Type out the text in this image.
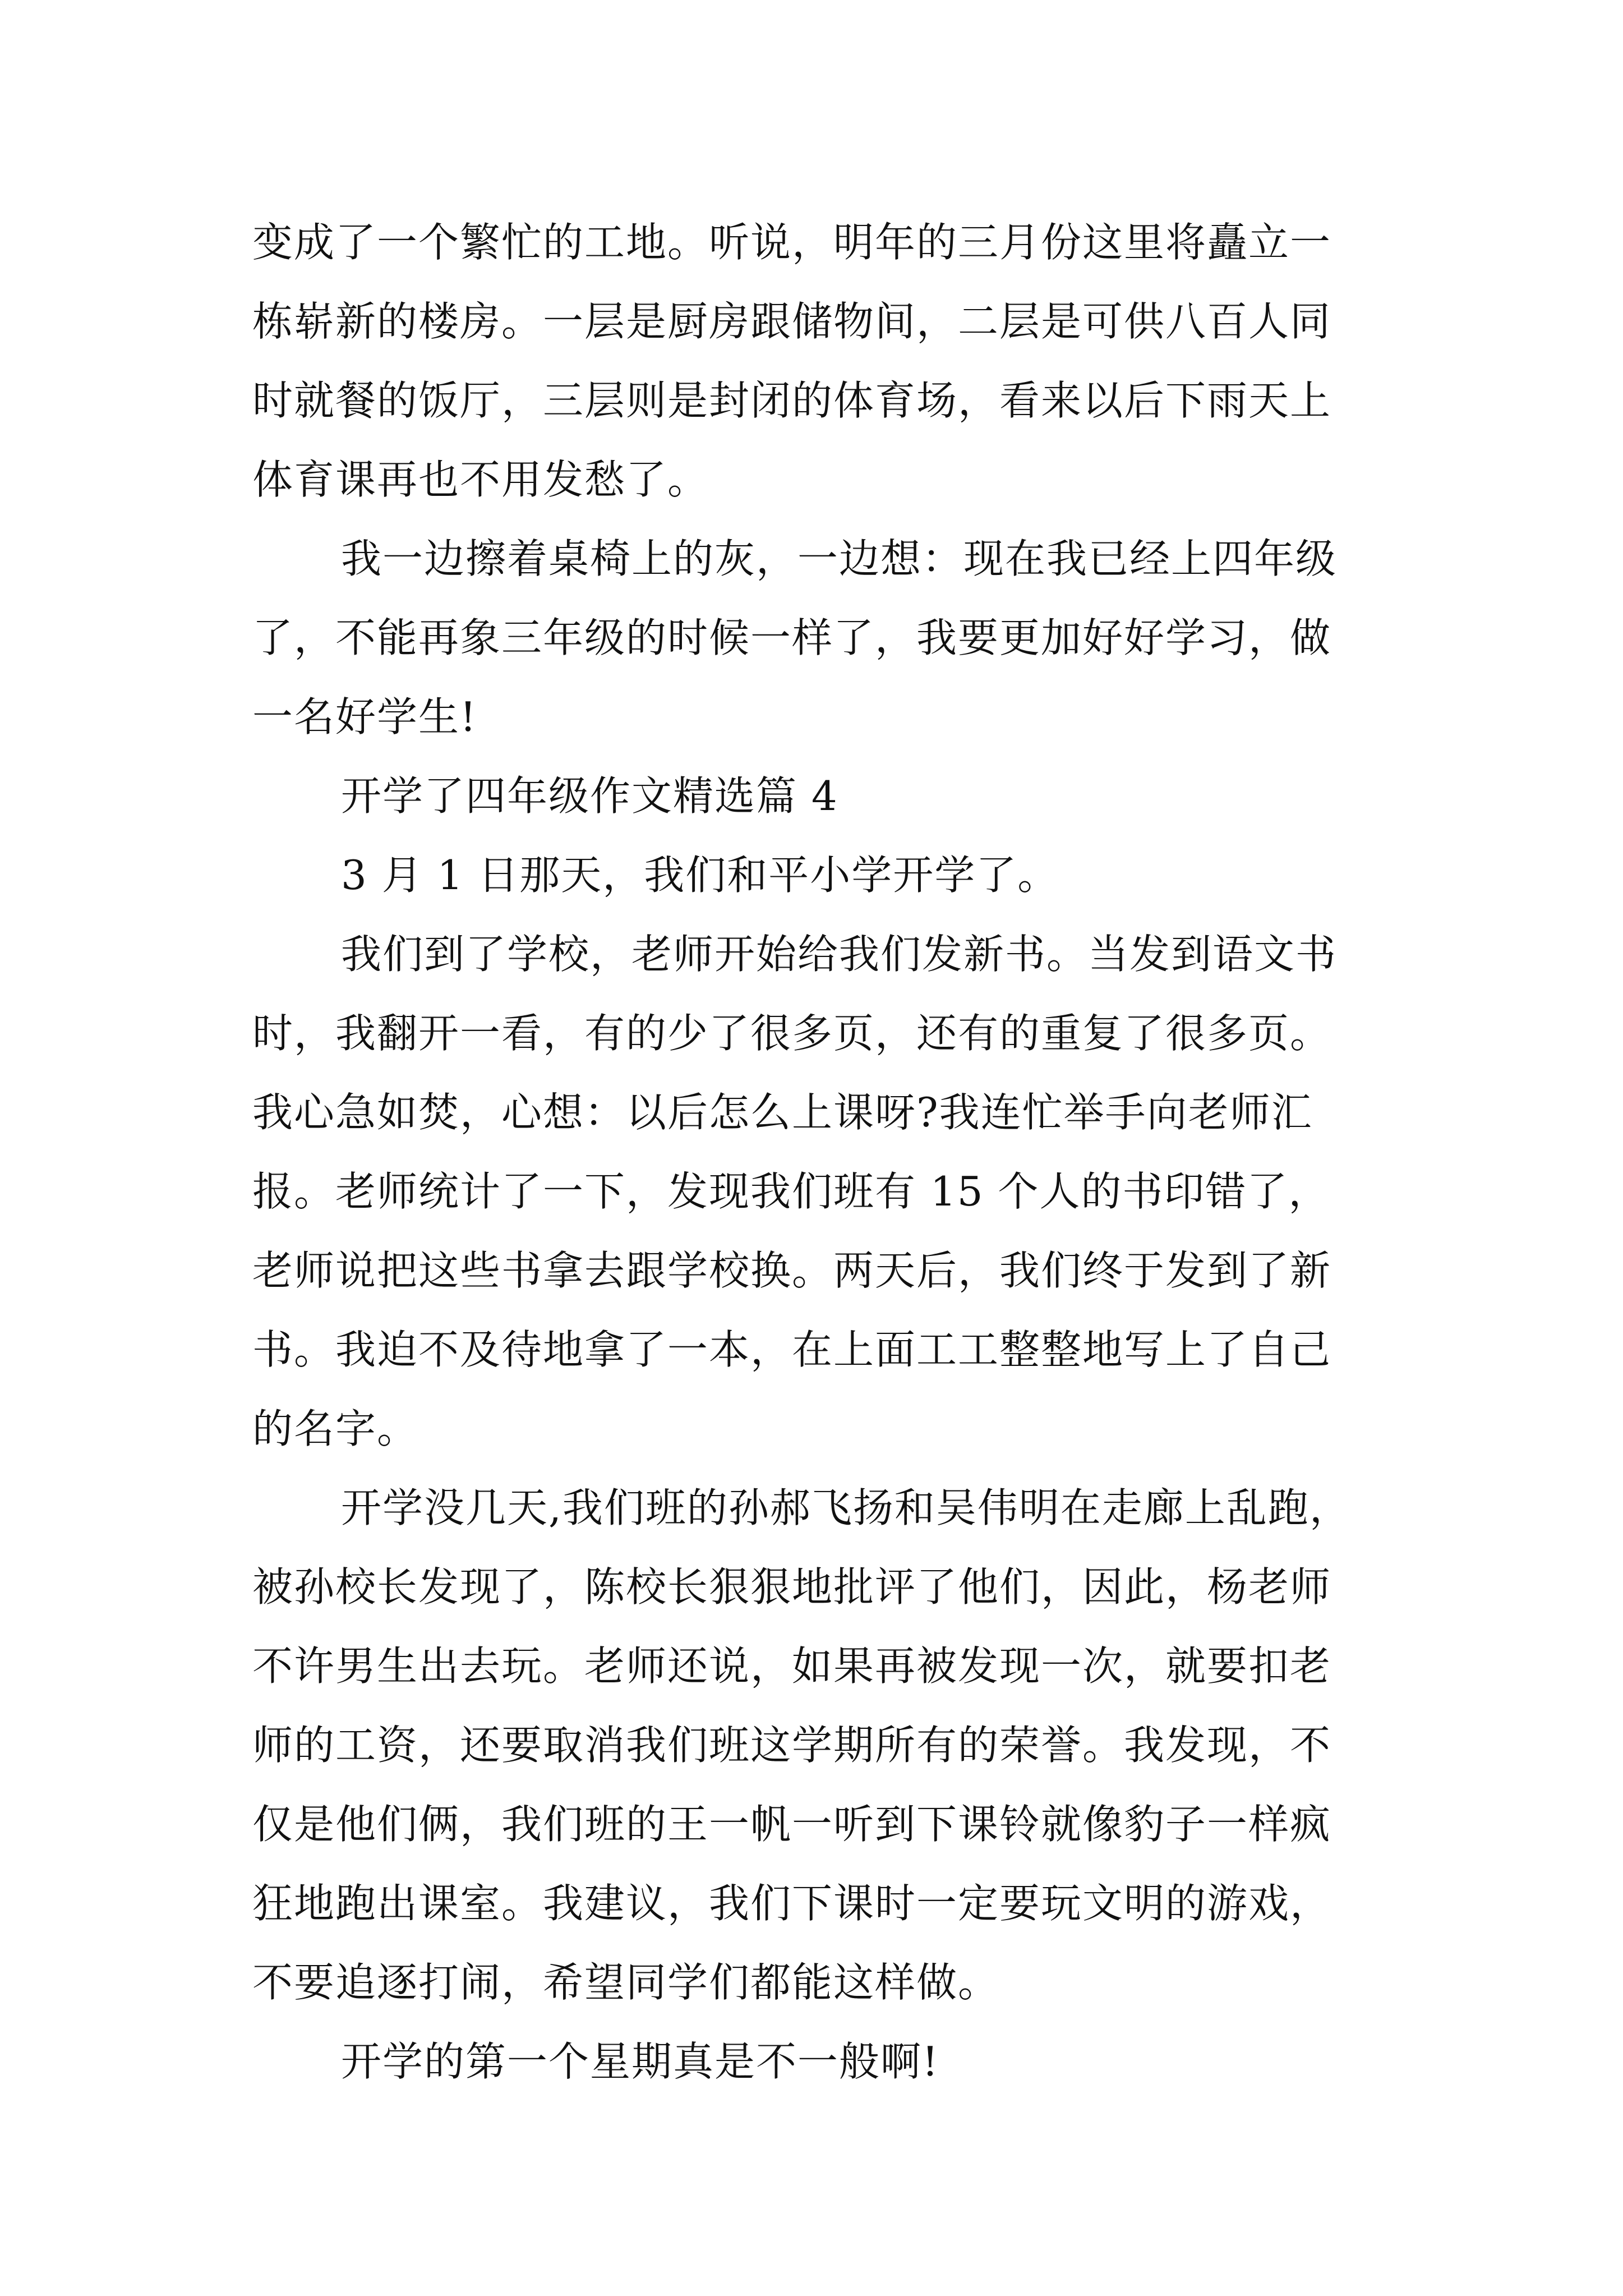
变成了一个繁忙的工地。听说，明年的三月份这里将矗立一
栋崭新的楼房。一层是厨房跟储物间，二层是可供八百人同
时就餐的饭厅，三层则是封闭的体育场，看来以后下雨天上
体育课再也不用发愁了。
我一边擦着桌椅上的灰，一边想：现在我已经上四年级
了，不能再象三年级的时候一样了，我要更加好好学习，做
一名好学生!
开学了四年级作文精选篇 4
3 月 1 日那天，我们和平小学开学了。
我们到了学校，老师开始给我们发新书。当发到语文书
时，我翻开一看，有的少了很多页，还有的重复了很多页。
我心急如焚，心想：以后怎么上课呀?我连忙举手向老师汇
报。老师统计了一下，发现我们班有 15 个人的书印错了，
老师说把这些书拿去跟学校换。两天后，我们终于发到了新
书。我迫不及待地拿了一本，在上面工工整整地写上了自己
的名字。
开学没几天,我们班的孙郝飞扬和吴伟明在走廊上乱跑，
被孙校长发现了，陈校长狠狠地批评了他们，因此，杨老师
不许男生出去玩。老师还说，如果再被发现一次，就要扣老
师的工资，还要取消我们班这学期所有的荣誉。我发现，不
仅是他们俩，我们班的王一帆一听到下课铃就像豹子一样疯
狂地跑出课室。我建议，我们下课时一定要玩文明的游戏，
不要追逐打闹，希望同学们都能这样做。
开学的第一个星期真是不一般啊!
